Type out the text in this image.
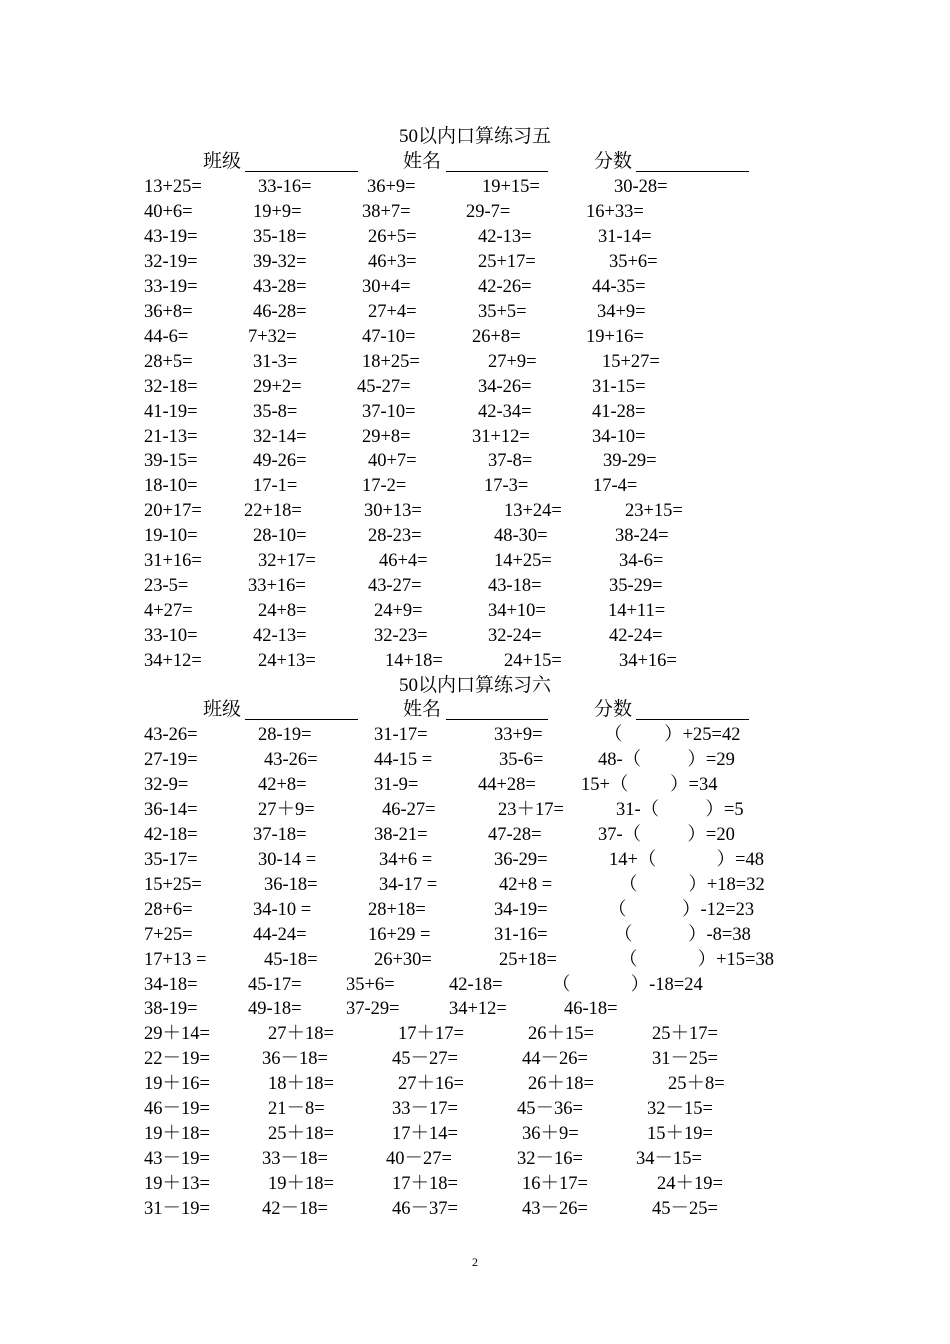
50以内口算练习五
班级	姓名	分数
13+25=	33-16=	36+9=	19+15=	30-28=
40+6=	19+9=	38+7=	29-7=	16+33=
43-19=	35-18=	26+5=	42-13=	31-14=
32-19=	39-32=	46+3=	25+17=	35+6=
33-19=	43-28=	30+4=	42-26=	44-35=
36+8=	46-28=	27+4=	35+5=	34+9=
44-6=	7+32=	47-10=	26+8=	19+16=
28+5=	31-3=	18+25=	27+9=	15+27=
32-18=	29+2=	45-27=	34-26=	31-15=
41-19=	35-8=	37-10=	42-34=	41-28=
21-13=	32-14=	29+8=	31+12=	34-10=
39-15=	49-26=	40+7=	37-8=	39-29=
18-10=	17-1=	17-2=	17-3=	17-4=
20+17= 22+18=	30+13=	13+24=	23+15=
19-10=	28-10=	28-23=	48-30=	38-24=
31+16=	32+17=	46+4=	14+25=	34-6=
23-5=	33+16=	43-27=	43-18=	35-29=
4+27=	24+8=	24+9=	34+10=	14+11=
33-10=	42-13=	32-23=	32-24=	42-24=
34+12=	24+13=	14+18=	24+15=	34+16=
50以内口算练习六
班级	姓名	分数
43-26=	28-19=	31-17=	33+9=	（         ）+25=42
27-19=	43-26=	44-15 =	35-6=	48-（          ）=29
32-9=	42+8=	31-9=	44+28= 15+（         ）=34
36-14=	27＋9=	46-27=	23＋17=	31-（          ）=5
42-18=	37-18=	38-21=	47-28=	37-（          ）=20
35-17=	30-14 =	34+6 =	36-29=	14+（             ）=48
15+25=	36-18=	34-17 =	42+8 =	（           ）+18=32
28+6=	34-10 =	28+18=	34-19=	（            ）-12=23
7+25=	44-24=	16+29 =	31-16=	（            ）-8=38
17+13 =	45-18=	26+30=	25+18=	（             ）+15=38
34-18=	45-17= 35+6=	42-18=	（             ）-18=24
38-19=	49-18= 37-29=	34+12=	46-18=
29＋14=	27＋18=	17＋17=	26＋15=	25＋17=
22－19=	36－18=	45－27=	44－26=	31－25=
19＋16=	18＋18=	27＋16=	26＋18=	25＋8=
46－19=	21－8=	33－17=	45－36=	32－15=
19＋18=	25＋18=	17＋14=	36＋9=	15＋19=
43－19=	33－18=	40－27=	32－16=	34－15=
19＋13=	19＋18=	17＋18=	16＋17=	24＋19=
31－19=	42－18=	46－37=	43－26=	45－25=
2
